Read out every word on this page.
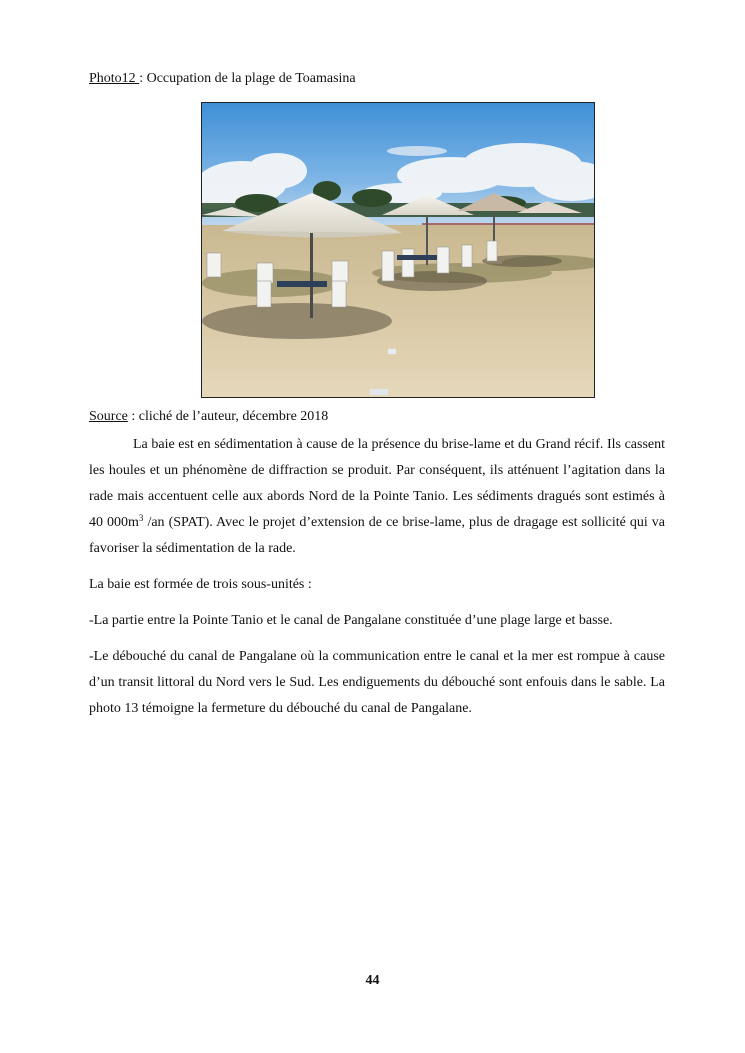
Photo12 : Occupation de la plage de Toamasina
Source : cliché de l’auteur, décembre 2018

La baie est en sédimentation à cause de la présence du brise-lame et du Grand récif. Ils cassent les houles et un phénomène de diffraction se produit. Par conséquent, ils atténuent l’agitation dans la rade mais accentuent celle aux abords Nord de la Pointe Tanio. Les sédiments dragués sont estimés à 40 $000m^3$ /an (SPAT). Avec le projet d’extension de ce brise-lame, plus de dragage est sollicité qui va favoriser la sédimentation de la rade.

La baie est formée de trois sous-unités :

-La partie entre la Pointe Tanio et le canal de Pangalane constituée d’une plage large et basse.

-Le débouché du canal de Pangalane où la communication entre le canal et la mer est rompue à cause d’un transit littoral du Nord vers le Sud. Les endiguements du débouché sont enfouis dans le sable. La photo 13 témoigne la fermeture du débouché du canal de Pangalane.

44
